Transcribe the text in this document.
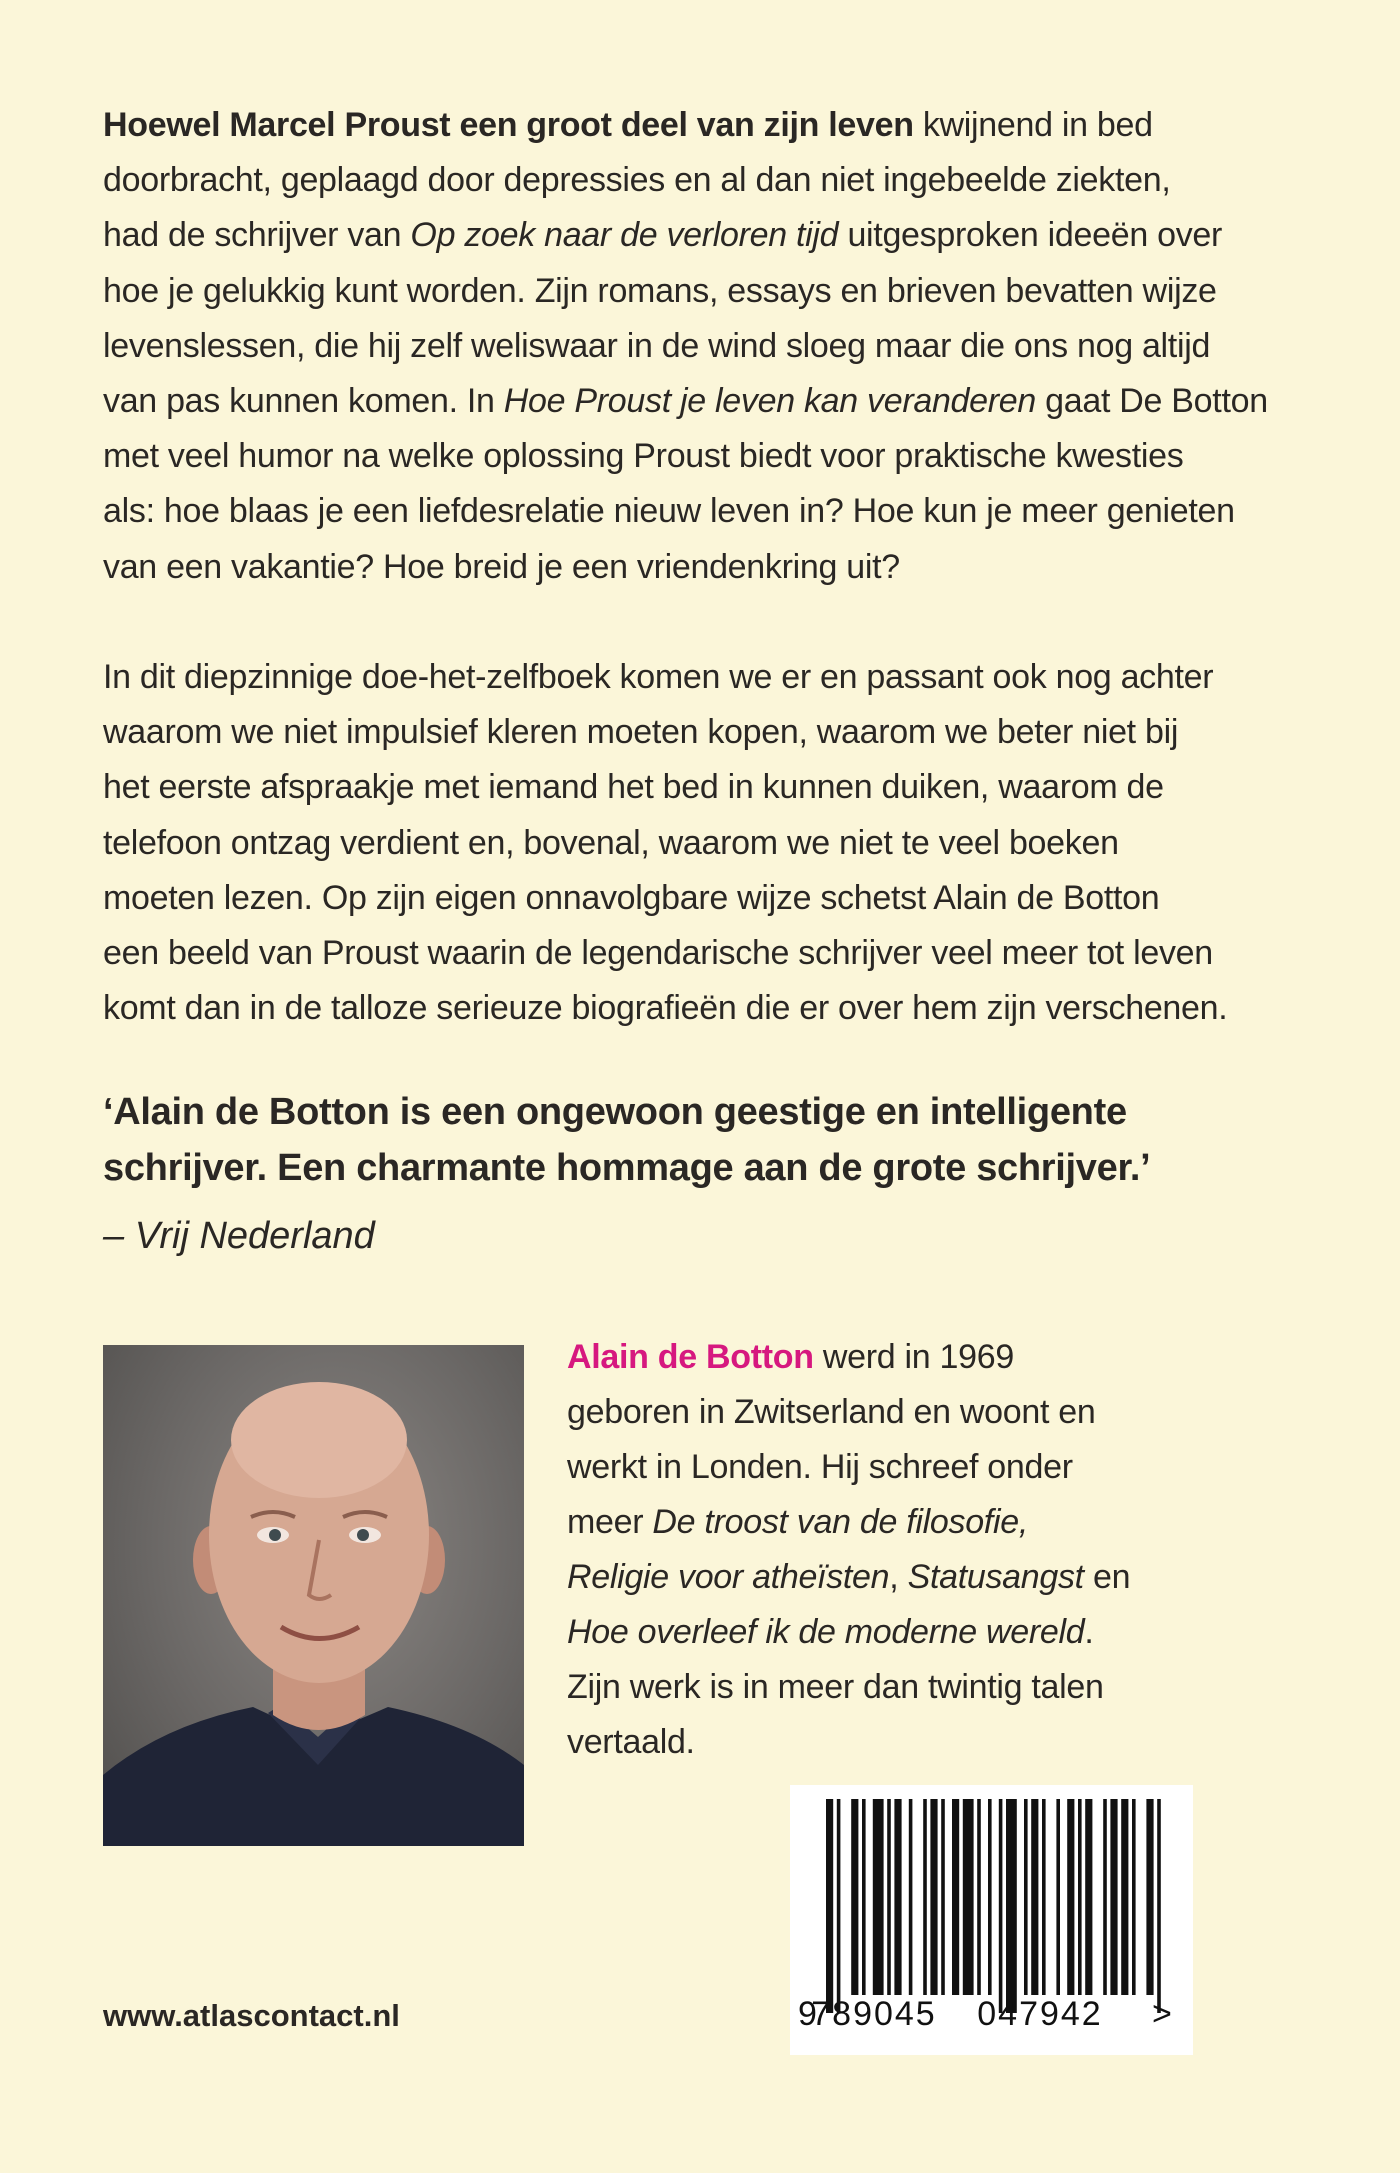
Hoewel Marcel Proust een groot deel van zijn leven kwijnend in bed
doorbracht, geplaagd door depressies en al dan niet ingebeelde ziekten,
had de schrijver van Op zoek naar de verloren tijd uitgesproken ideeën over
hoe je gelukkig kunt worden. Zijn romans, essays en brieven bevatten wijze
levenslessen, die hij zelf weliswaar in de wind sloeg maar die ons nog altijd
van pas kunnen komen. In Hoe Proust je leven kan veranderen gaat De Botton
met veel humor na welke oplossing Proust biedt voor praktische kwesties
als: hoe blaas je een liefdesrelatie nieuw leven in? Hoe kun je meer genieten
van een vakantie? Hoe breid je een vriendenkring uit?
In dit diepzinnige doe-het-zelfboek komen we er en passant ook nog achter
waarom we niet impulsief kleren moeten kopen, waarom we beter niet bij
het eerste afspraakje met iemand het bed in kunnen duiken, waarom de
telefoon ontzag verdient en, bovenal, waarom we niet te veel boeken
moeten lezen. Op zijn eigen onnavolgbare wijze schetst Alain de Botton
een beeld van Proust waarin de legendarische schrijver veel meer tot leven
komt dan in de talloze serieuze biografieën die er over hem zijn verschenen.
‘Alain de Botton is een ongewoon geestige en intelligente
schrijver. Een charmante hommage aan de grote schrijver.’
– Vrij Nederland
Alain de Botton werd in 1969
geboren in Zwitserland en woont en
werkt in Londen. Hij schreef onder
meer De troost van de filosofie,
Religie voor atheïsten, Statusangst en
Hoe overleef ik de moderne wereld.
Zijn werk is in meer dan twintig talen
vertaald.
www.atlascontact.nl	9
789045 047942 >
